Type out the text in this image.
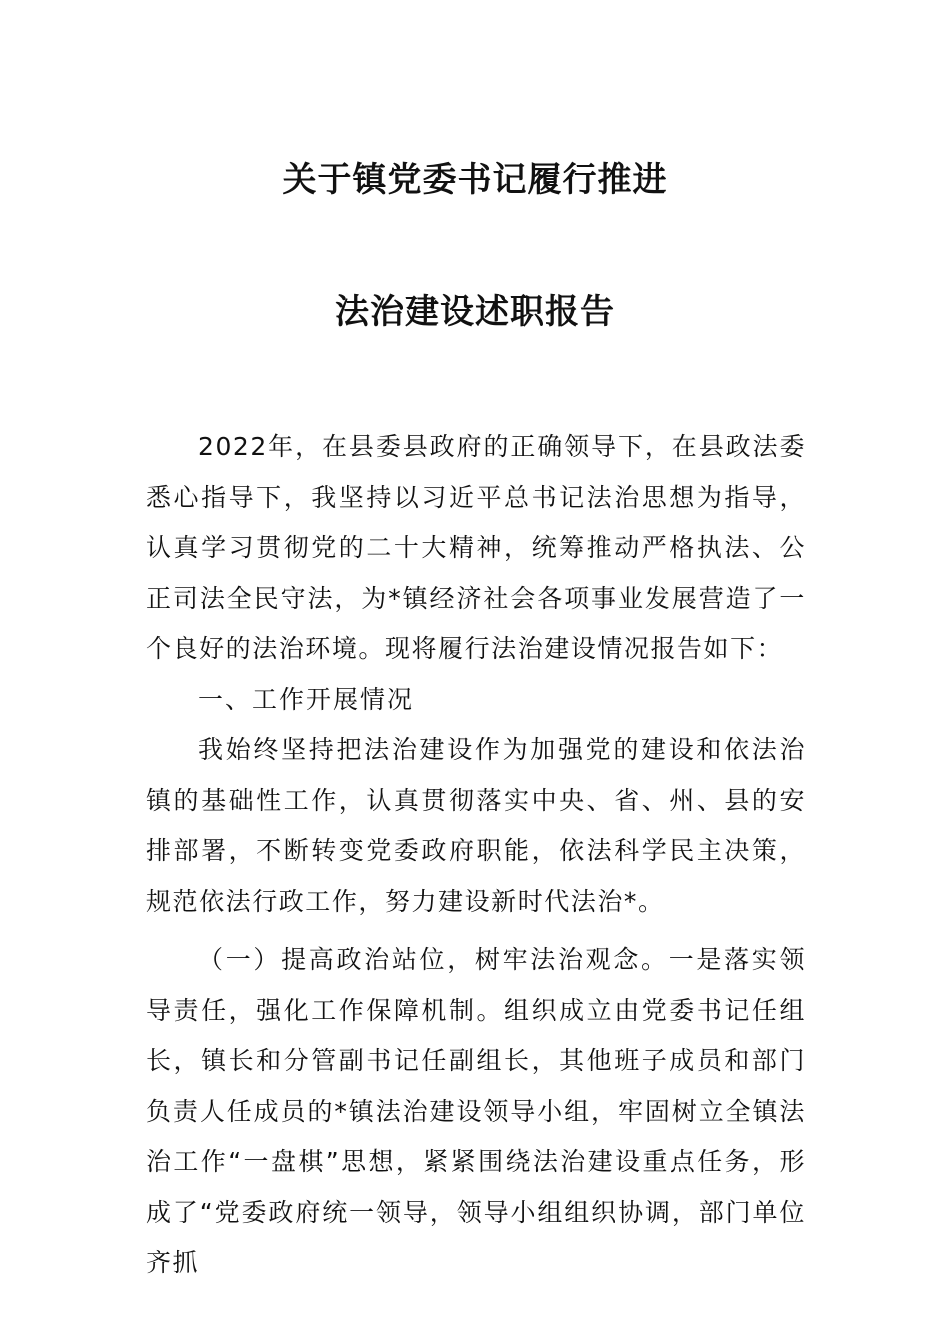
关于镇党委书记履行推进
法治建设述职报告

2022年，在县委县政府的正确领导下，在县政法委悉心指导下，我坚持以习近平总书记法治思想为指导，认真学习贯彻党的二十大精神，统筹推动严格执法、公正司法全民守法，为*镇经济社会各项事业发展营造了一个良好的法治环境。现将履行法治建设情况报告如下：

一、工作开展情况

我始终坚持把法治建设作为加强党的建设和依法治镇的基础性工作，认真贯彻落实中央、省、州、县的安排部署，不断转变党委政府职能，依法科学民主决策，规范依法行政工作，努力建设新时代法治*。

（一）提高政治站位，树牢法治观念。一是落实领导责任，强化工作保障机制。组织成立由党委书记任组长，镇长和分管副书记任副组长，其他班子成员和部门负责人任成员的*镇法治建设领导小组，牢固树立全镇法治工作“一盘棋”思想，紧紧围绕法治建设重点任务，形成了“党委政府统一领导，领导小组组织协调，部门单位齐抓
